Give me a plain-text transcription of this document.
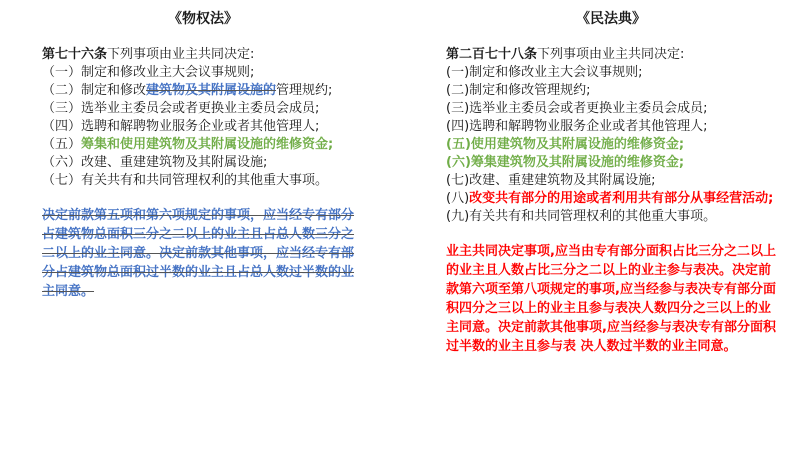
《物权法》
第七十六条下列事项由业主共同决定:
（一）制定和修改业主大会议事规则;
（二）制定和修改建筑物及其附属设施的管理规约;
（三）选举业主委员会或者更换业主委员会成员;
（四）选聘和解聘物业服务企业或者其他管理人;
（五）筹集和使用建筑物及其附属设施的维修资金;
（六）改建、重建建筑物及其附属设施;
（七）有关共有和共同管理权利的其他重大事项。
决定前款第五项和第六项规定的事项，应当经专有部分占建筑物总面积三分之二以上的业主且占总人数三分之二以上的业主同意。决定前款其他事项，应当经专有部分占建筑物总面积过半数的业主且占总人数过半数的业主同意。
《民法典》
第二百七十八条下列事项由业主共同决定:
(一)制定和修改业主大会议事规则;
(二)制定和修改管理规约;
(三)选举业主委员会或者更换业主委员会成员;
(四)选聘和解聘物业服务企业或者其他管理人;
(五)使用建筑物及其附属设施的维修资金;
(六)筹集建筑物及其附属设施的维修资金;
(七)改建、重建建筑物及其附属设施;
(八)改变共有部分的用途或者利用共有部分从事经营活动;
(九)有关共有和共同管理权利的其他重大事项。
业主共同决定事项,应当由专有部分面积占比三分之二以上 的业主且人数占比三分之二以上的业主参与表决。决定前款第六项至第八项规定的事项,应当经参与表决专有部分面积四分之三以上的业主且参与表决人数四分之三以上的业主同意。决定前款其他事项,应当经参与表决专有部分面积过半数的业主且参与表 决人数过半数的业主同意。
